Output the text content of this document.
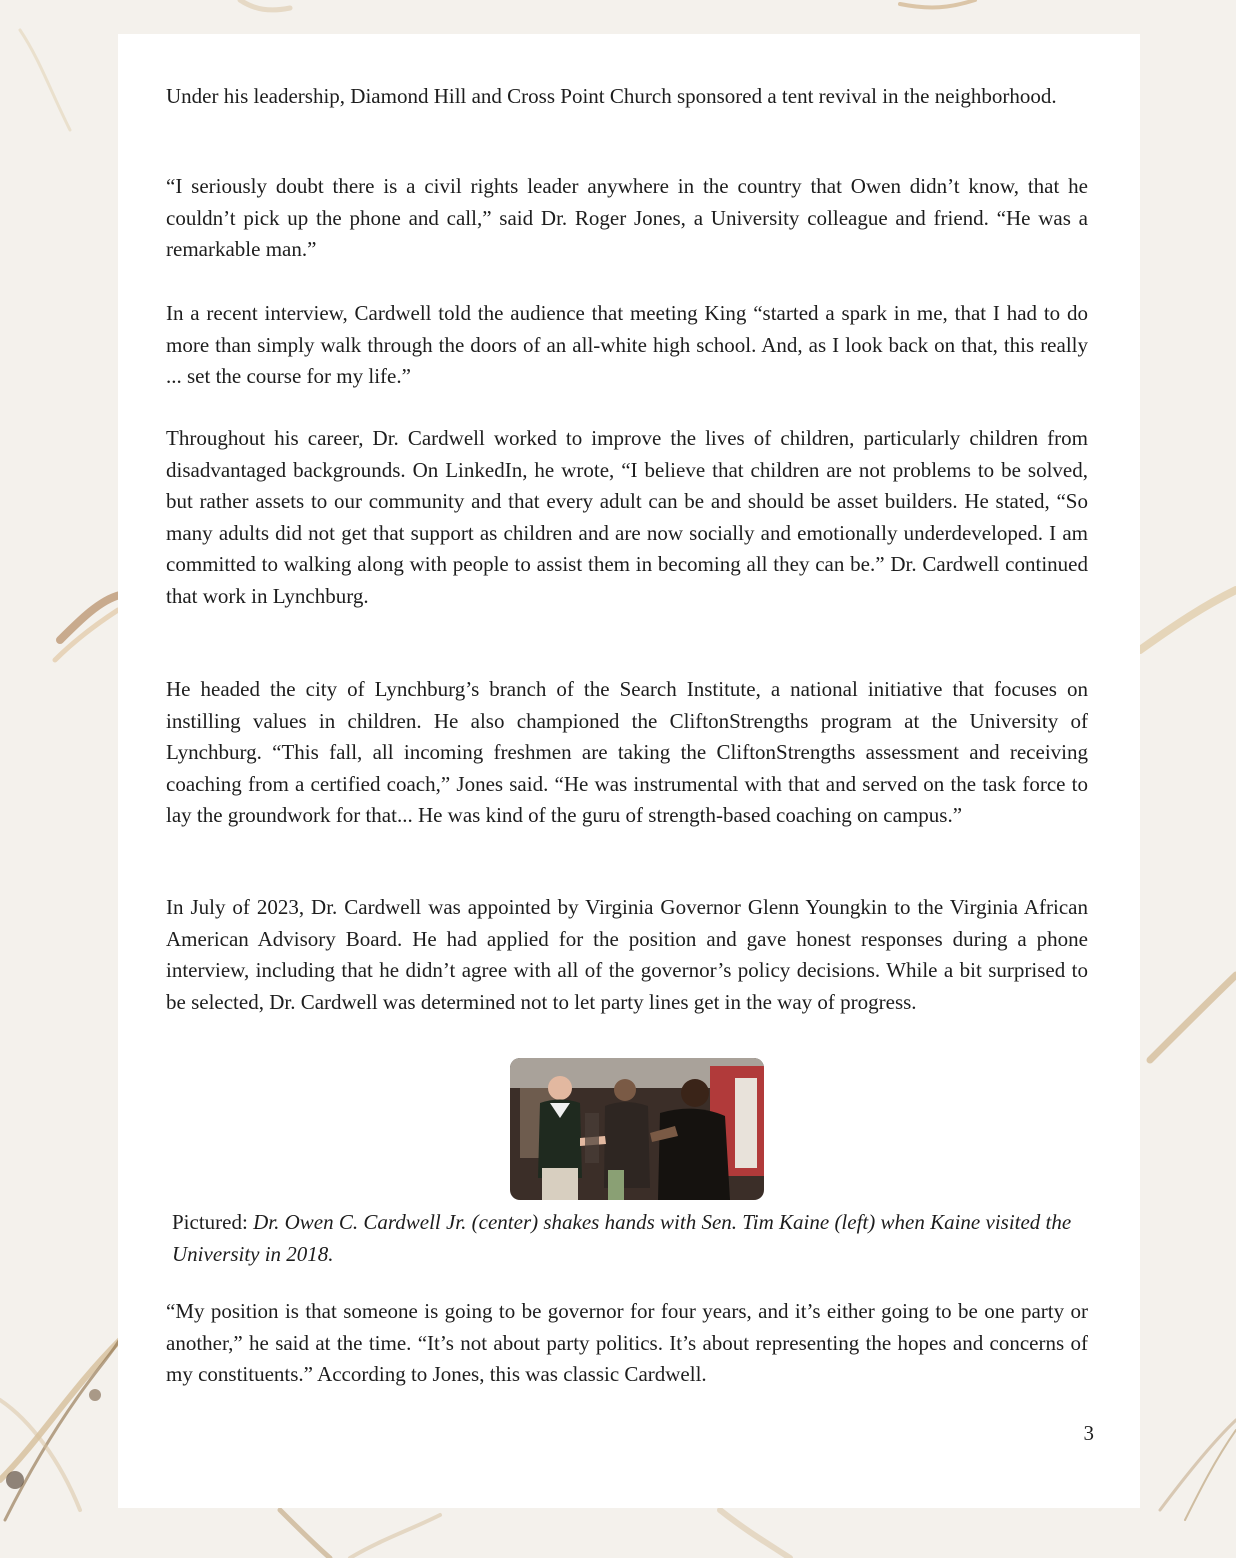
Under his leadership, Diamond Hill and Cross Point Church sponsored a tent revival in the neighborhood.

“I seriously doubt there is a civil rights leader anywhere in the country that Owen didn’t know, that he couldn’t pick up the phone and call,” said Dr. Roger Jones, a University colleague and friend. “He was a remarkable man.”

In a recent interview, Cardwell told the audience that meeting King “started a spark in me, that I had to do more than simply walk through the doors of an all-white high school. And, as I look back on that, this really ... set the course for my life.”

Throughout his career, Dr. Cardwell worked to improve the lives of children, particularly children from disadvantaged backgrounds. On LinkedIn, he wrote, “I believe that children are not problems to be solved, but rather assets to our community and that every adult can be and should be asset builders. He stated, “So many adults did not get that support as children and are now socially and emotionally underdeveloped. I am committed to walking along with people to assist them in becoming all they can be.” Dr. Cardwell continued that work in Lynchburg.

He headed the city of Lynchburg’s branch of the Search Institute, a national initiative that focuses on instilling values in children. He also championed the CliftonStrengths program at the University of Lynchburg. “This fall, all incoming freshmen are taking the CliftonStrengths assessment and receiving coaching from a certified coach,” Jones said. “He was instrumental with that and served on the task force to lay the groundwork for that... He was kind of the guru of strength-based coaching on campus.”

In July of 2023, Dr. Cardwell was appointed by Virginia Governor Glenn Youngkin to the Virginia African American Advisory Board. He had applied for the position and gave honest responses during a phone interview, including that he didn’t agree with all of the governor’s policy decisions. While a bit surprised to be selected, Dr. Cardwell was determined not to let party lines get in the way of progress.

Pictured: Dr. Owen C. Cardwell Jr. (center) shakes hands with Sen. Tim Kaine (left) when Kaine visited the University in 2018.

“My position is that someone is going to be governor for four years, and it’s either going to be one party or another,” he said at the time. “It’s not about party politics. It’s about representing the hopes and concerns of my constituents.” According to Jones, this was classic Cardwell.

3
